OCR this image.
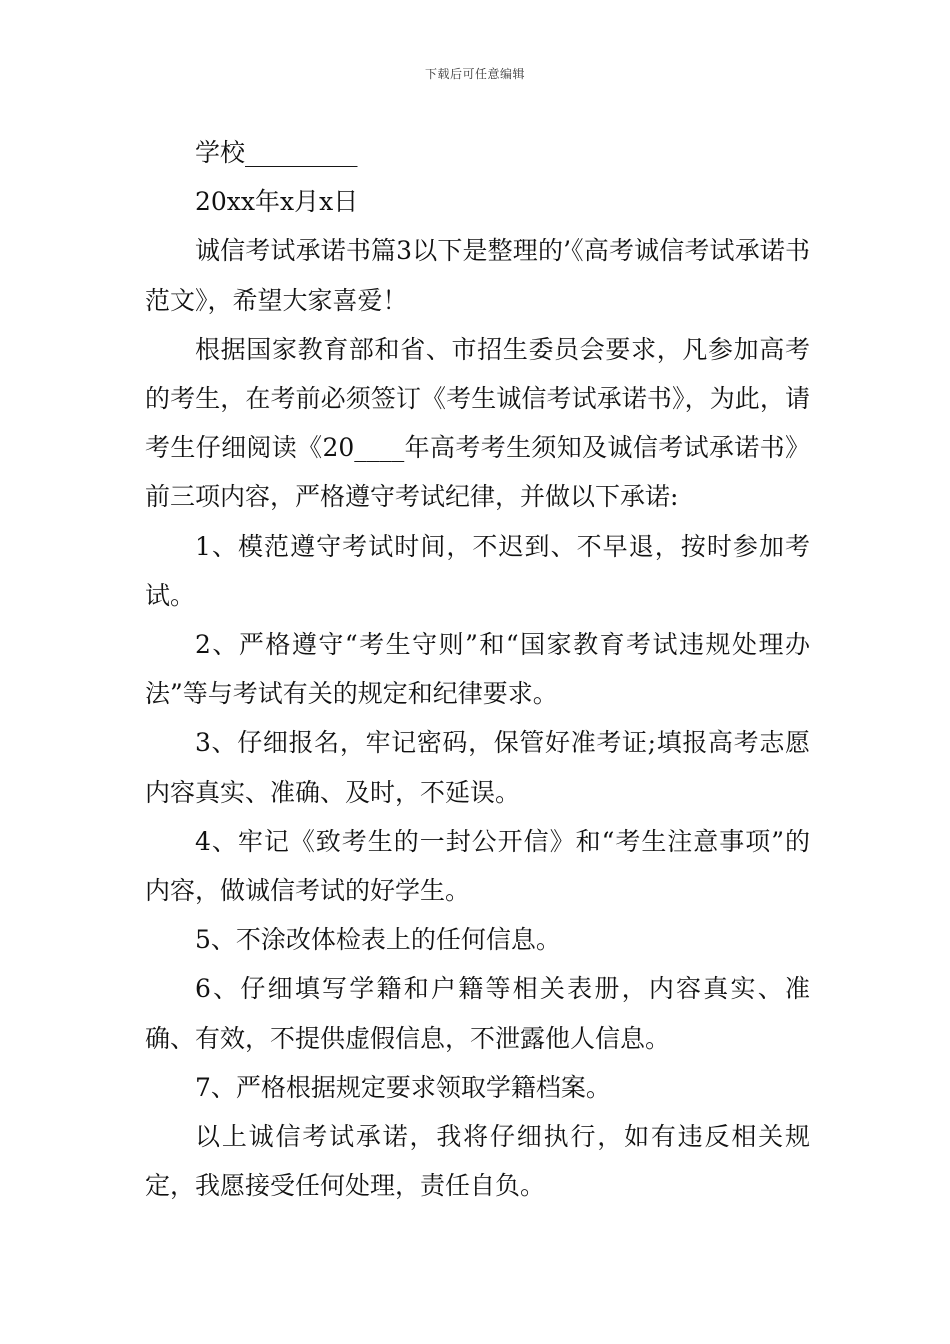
下载后可任意编辑

学校_________

20xx年x月x日

诚信考试承诺书篇3以下是整理的’《高考诚信考试承诺书范文》，希望大家喜爱！

根据国家教育部和省、市招生委员会要求，凡参加高考的考生，在考前必须签订《考生诚信考试承诺书》，为此，请考生仔细阅读《20____年高考考生须知及诚信考试承诺书》前三项内容，严格遵守考试纪律，并做以下承诺:

1、模范遵守考试时间，不迟到、不早退，按时参加考试。

2、严格遵守“考生守则”和“国家教育考试违规处理办法”等与考试有关的规定和纪律要求。

3、仔细报名，牢记密码，保管好准考证;填报高考志愿内容真实、准确、及时，不延误。

4、牢记《致考生的一封公开信》和“考生注意事项”的内容，做诚信考试的好学生。

5、不涂改体检表上的任何信息。

6、仔细填写学籍和户籍等相关表册，内容真实、准确、有效，不提供虚假信息，不泄露他人信息。

7、严格根据规定要求领取学籍档案。

以上诚信考试承诺，我将仔细执行，如有违反相关规定，我愿接受任何处理，责任自负。
